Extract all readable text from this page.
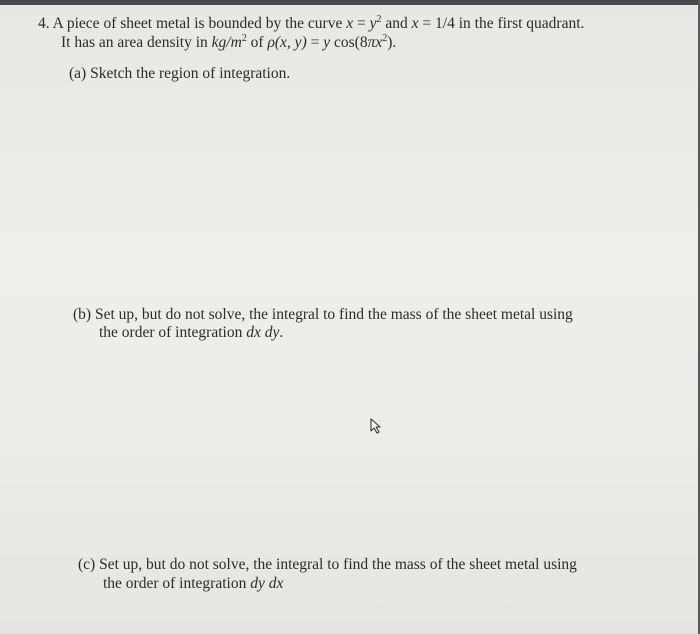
4. A piece of sheet metal is bounded by the curve $x = y^2$ and x = 1/4 in the first quadrant.
It has an area density in $kg/m^2$ of ρ(x, y) = y $\cos(8\pi x^2)$.
(a) Sketch the region of integration.
(b) Set up, but do not solve, the integral to find the mass of the sheet metal using
the order of integration dx dy.
(c) Set up, but do not solve, the integral to find the mass of the sheet metal using
the order of integration dy dx
